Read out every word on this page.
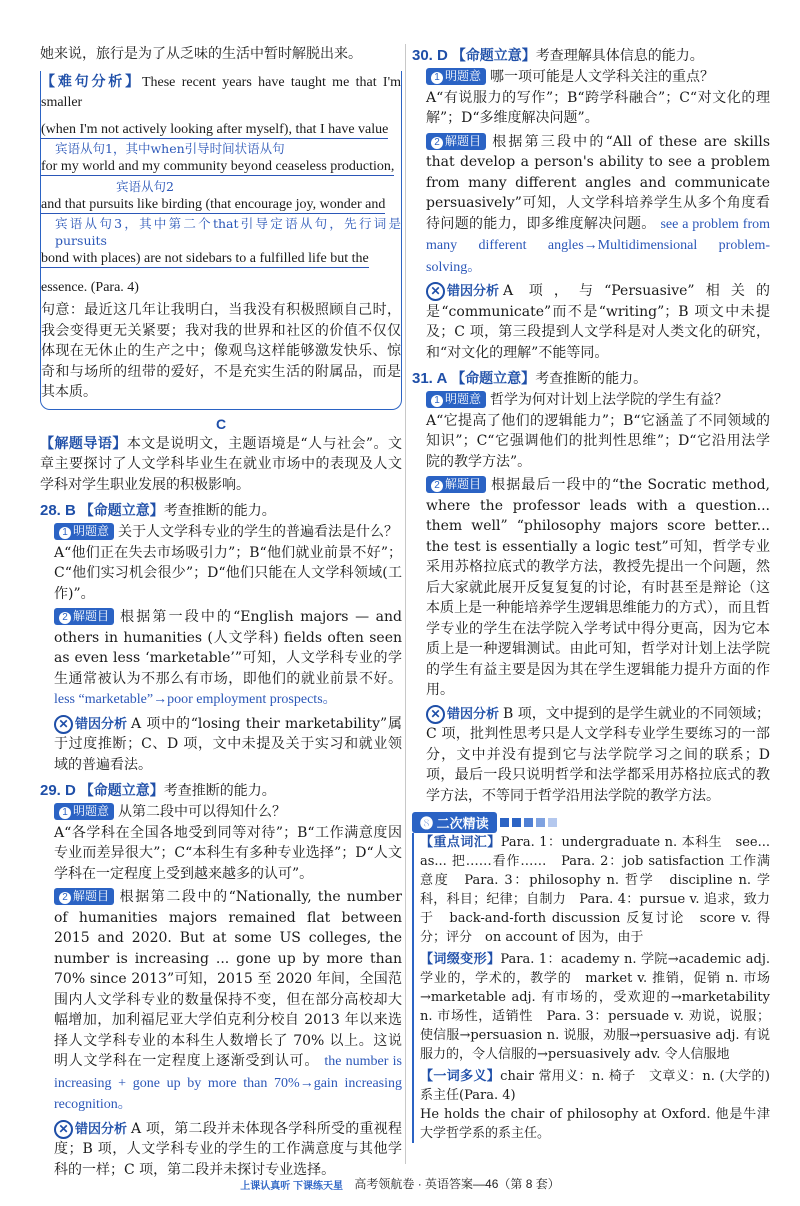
她来说，旅行是为了从乏味的生活中暂时解脱出来。

【难句分析】These recent years have taught me that I'm smaller

(when I'm not actively looking after myself), that I have value

宾语从句1，其中when引导时间状语从句

for my world and my community beyond ceaseless production,

宾语从句2

and that pursuits like birding (that encourage joy, wonder and

宾语从句3，其中第二个that引导定语从句，先行词是pursuits

bond with places) are not sidebars to a fulfilled life but the

essence. (Para. 4)

句意：最近这几年让我明白，当我没有积极照顾自己时，我会变得更无关紧要；我对我的世界和社区的价值不仅仅体现在无休止的生产之中；像观鸟这样能够激发快乐、惊奇和与场所的纽带的爱好，不是充实生活的附属品，而是其本质。

C

【解题导语】本文是说明文，主题语境是“人与社会”。文章主要探讨了人文学科毕业生在就业市场中的表现及人文学科对学生职业发展的积极影响。

28. B 【命题立意】考查推断的能力。

1 明题意 关于人文学科专业的学生的普遍看法是什么？

A“他们正在失去市场吸引力”；B“他们就业前景不好”；C“他们实习机会很少”；D“他们只能在人文学科领域(工作)”。

2 解题目 根据第一段中的“English majors — and others in humanities (人文学科) fields often seen as even less ‘marketable’”可知，人文学科专业的学生通常被认为不那么有市场，即他们的就业前景不好。 less “marketable”→poor employment prospects。

✕ 错因分析 A 项中的“losing their marketability”属于过度推断；C、D 项，文中未提及关于实习和就业领域的普遍看法。

29. D 【命题立意】考查推断的能力。

1 明题意 从第二段中可以得知什么？

A“各学科在全国各地受到同等对待”；B“工作满意度因专业而差异很大”；C“本科生有多种专业选择”；D“人文学科在一定程度上受到越来越多的认可”。

2 解题目 根据第二段中的“Nationally, the number of humanities majors remained flat between 2015 and 2020. But at some US colleges, the number is increasing ... gone up by more than 70% since 2013”可知，2015 至 2020 年间，全国范围内人文学科专业的数量保持不变，但在部分高校却大幅增加，加利福尼亚大学伯克利分校自 2013 年以来选择人文学科专业的本科生人数增长了 70% 以上。这说明人文学科在一定程度上逐渐受到认可。 the number is increasing + gone up by more than 70%→gain increasing recognition。

✕ 错因分析 A 项，第二段并未体现各学科所受的重视程度；B 项，人文学科专业的学生的工作满意度与其他学科的一样；C 项，第二段并未探讨专业选择。

30. D 【命题立意】考查理解具体信息的能力。

1 明题意 哪一项可能是人文学科关注的重点？

A“有说服力的写作”；B“跨学科融合”；C“对文化的理解”；D“多维度解决问题”。

2 解题目 根据第三段中的“All of these are skills that develop a person's ability to see a problem from many different angles and communicate persuasively”可知，人文学科培养学生从多个角度看待问题的能力，即多维度解决问题。 see a problem from many different angles→Multidimensional problem-solving。

✕ 错因分析 A 项，与“Persuasive”相关的是“communicate”而不是“writing”；B 项文中未提及；C 项，第三段提到人文学科是对人类文化的研究，和“对文化的理解”不能等同。

31. A 【命题立意】考查推断的能力。

1 明题意 哲学为何对计划上法学院的学生有益？

A“它提高了他们的逻辑能力”；B“它涵盖了不同领域的知识”；C“它强调他们的批判性思维”；D“它沿用法学院的教学方法”。

2 解题目 根据最后一段中的“the Socratic method, where the professor leads with a question... them well” “philosophy majors score better... the test is essentially a logic test”可知，哲学专业采用苏格拉底式的教学方法，教授先提出一个问题，然后大家就此展开反复复复的讨论，有时甚至是辩论（这本质上是一种能培养学生逻辑思维能力的方式），而且哲学专业的学生在法学院入学考试中得分更高，因为它本质上是一种逻辑测试。由此可知，哲学对计划上法学院的学生有益主要是因为其在学生逻辑能力提升方面的作用。

✕ 错因分析 B 项，文中提到的是学生就业的不同领域；C 项，批判性思考只是人文学科专业学生要练习的一部分，文中并没有提到它与法学院学习之间的联系；D 项，最后一段只说明哲学和法学都采用苏格拉底式的教学方法，不等同于哲学沿用法学院的教学方法。

❽ 二次精读

【重点词汇】Para. 1：undergraduate n. 本科生　see... as... 把……看作……　Para. 2：job satisfaction 工作满意度　Para. 3：philosophy n. 哲学　discipline n. 学科，科目；纪律；自制力　Para. 4：pursue v. 追求，致力于　back-and-forth discussion 反复讨论　score v. 得分；评分　on account of 因为，由于

【词缀变形】Para. 1：academy n. 学院→academic adj. 学业的，学术的，教学的　market v. 推销，促销 n. 市场→marketable adj. 有市场的，受欢迎的→marketability n. 市场性，适销性　Para. 3：persuade v. 劝说，说服；使信服→persuasion n. 说服，劝服→persuasive adj. 有说服力的，令人信服的→persuasively adv. 令人信服地

【一词多义】chair 常用义：n. 椅子　文章义：n. (大学的)系主任(Para. 4)

He holds the chair of philosophy at Oxford. 他是牛津大学哲学系的系主任。

上课认真听 下课练天星 高考领航卷 · 英语答案—46（第 8 套）
